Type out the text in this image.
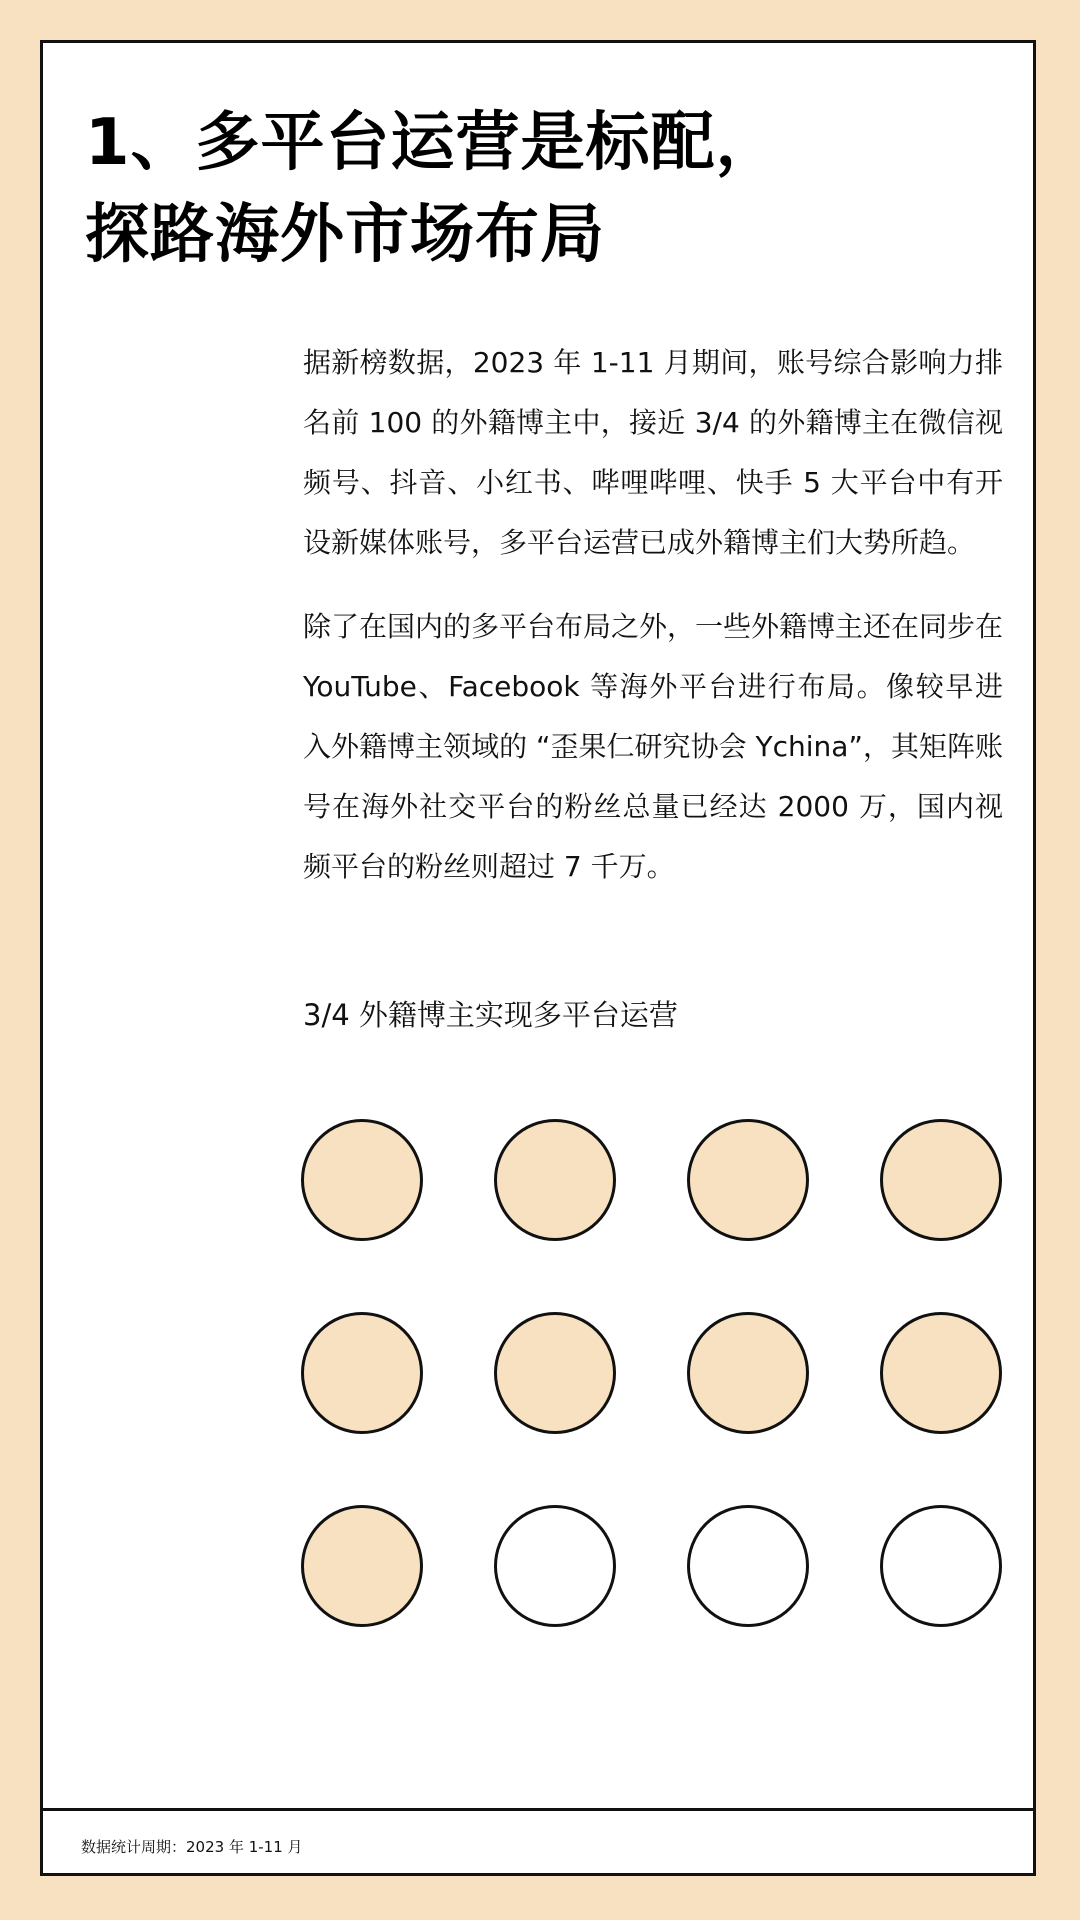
1、多平台运营是标配，
探路海外市场布局

据新榜数据，2023 年 1-11 月期间，账号综合影响力排名前 100 的外籍博主中，接近 3/4 的外籍博主在微信视频号、抖音、小红书、哔哩哔哩、快手 5 大平台中有开设新媒体账号，多平台运营已成外籍博主们大势所趋。

除了在国内的多平台布局之外，一些外籍博主还在同步在 YouTube、Facebook 等海外平台进行布局。像较早进入外籍博主领域的 “歪果仁研究协会 Ychina”，其矩阵账号在海外社交平台的粉丝总量已经达 2000 万，国内视频平台的粉丝则超过 7 千万。

3/4 外籍博主实现多平台运营
数据统计周期：2023 年 1-11 月
